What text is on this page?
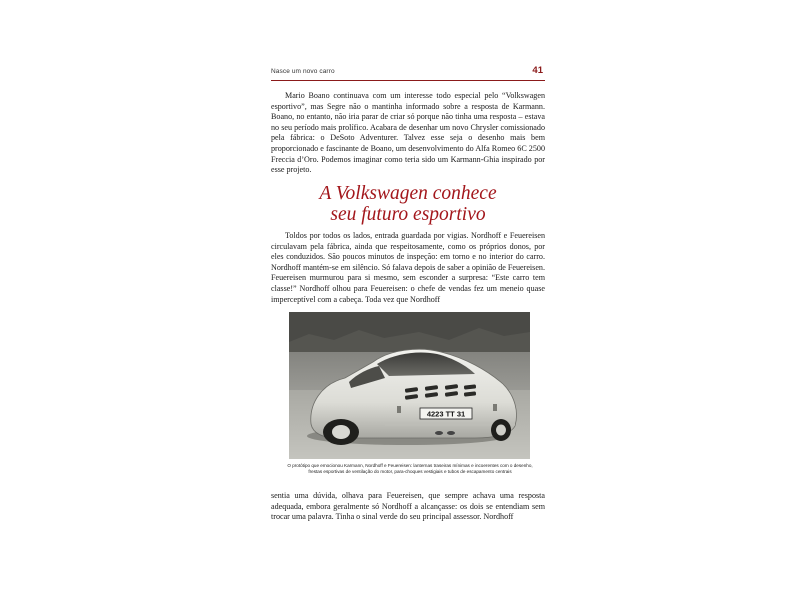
Nasce um novo carro	41

Mario Boano continuava com um interesse todo especial pelo “Volkswagen esportivo”, mas Segre não o mantinha informado sobre a resposta de Karmann. Boano, no entanto, não iria parar de criar só porque não tinha uma resposta – estava no seu período mais prolífico. Acabara de desenhar um novo Chrysler comissionado pela fábrica: o DeSoto Adventurer. Talvez esse seja o desenho mais bem proporcionado e fascinante de Boano, um desenvolvimento do Alfa Romeo 6C 2500 Freccia d’Oro. Podemos imaginar como teria sido um Karmann-Ghia inspirado por esse projeto.

A Volkswagen conhece
seu futuro esportivo

Toldos por todos os lados, entrada guardada por vigias. Nordhoff e Feuereisen circulavam pela fábrica, ainda que respeitosamente, como os próprios donos, por eles conduzidos. São poucos minutos de inspeção: em torno e no interior do carro. Nordhoff mantém-se em silêncio. Só falava depois de saber a opinião de Feuereisen. Feuereisen murmurou para si mesmo, sem esconder a surpresa: “Este carro tem classe!” Nordhoff olhou para Feuereisen: o chefe de vendas fez um meneio quase imperceptível com a cabeça. Toda vez que Nordhoff

4223 TT 31

O protótipo que emocionou Karmann, Nordhoff e Feuereisen: lanternas traseiras mínimas e incoerentes com o desenho, frestas esportivas de ventilação do motor, para-choques vestigiais e tubos de escapamento centrais

sentia uma dúvida, olhava para Feuereisen, que sempre achava uma resposta adequada, embora geralmente só Nordhoff a alcançasse: os dois se entendiam sem trocar uma palavra. Tinha o sinal verde do seu principal assessor. Nordhoff
